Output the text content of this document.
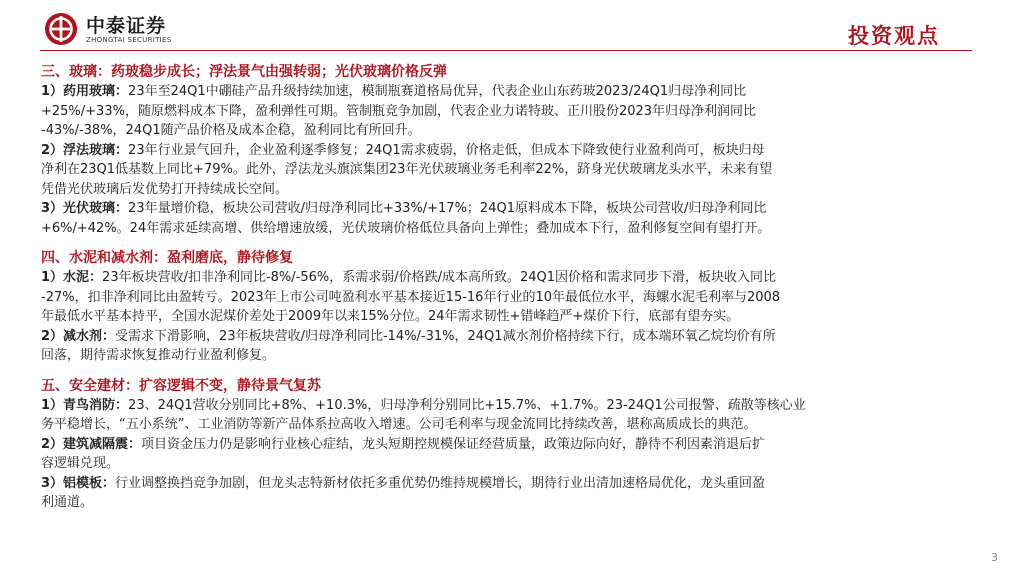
中泰证券
ZHONGTAI SECURITIES	投资观点
三、玻璃：药玻稳步成长；浮法景气由强转弱；光伏玻璃价格反弹

1）药用玻璃：23年至24Q1中硼硅产品升级持续加速，模制瓶赛道格局优异，代表企业山东药玻2023/24Q1归母净利同比
+25%/+33%，随原燃料成本下降，盈利弹性可期。管制瓶竞争加剧，代表企业力诺特玻、正川股份2023年归母净利润同比
-43%/-38%，24Q1随产品价格及成本企稳，盈利同比有所回升。

2）浮法玻璃：23年行业景气回升，企业盈利逐季修复；24Q1需求疲弱，价格走低，但成本下降致使行业盈利尚可，板块归母
净利在23Q1低基数上同比+79%。此外，浮法龙头旗滨集团23年光伏玻璃业务毛利率22%，跻身光伏玻璃龙头水平，未来有望
凭借光伏玻璃后发优势打开持续成长空间。

3）光伏玻璃：23年量增价稳，板块公司营收/归母净利同比+33%/+17%；24Q1原料成本下降，板块公司营收/归母净利同比
+6%/+42%。24年需求延续高增、供给增速放缓，光伏玻璃价格低位具备向上弹性；叠加成本下行，盈利修复空间有望打开。

四、水泥和减水剂：盈利磨底，静待修复

1）水泥：23年板块营收/扣非净利同比-8%/-56%，系需求弱/价格跌/成本高所致。24Q1因价格和需求同步下滑，板块收入同比
-27%，扣非净利同比由盈转亏。2023年上市公司吨盈利水平基本接近15-16年行业的10年最低位水平，海螺水泥毛利率与2008
年最低水平基本持平，全国水泥煤价差处于2009年以来15%分位。24年需求韧性+错峰趋严+煤价下行，底部有望夯实。

2）减水剂：受需求下滑影响，23年板块营收/归母净利同比-14%/-31%，24Q1减水剂价格持续下行，成本端环氧乙烷均价有所
回落，期待需求恢复推动行业盈利修复。

五、安全建材：扩容逻辑不变，静待景气复苏

1）青鸟消防：23、24Q1营收分别同比+8%、+10.3%，归母净利分别同比+15.7%、+1.7%。23-24Q1公司报警、疏散等核心业
务平稳增长，“五小系统”、工业消防等新产品体系拉高收入增速。公司毛利率与现金流同比持续改善，堪称高质成长的典范。

2）建筑减隔震：项目资金压力仍是影响行业核心症结，龙头短期控规模保证经营质量，政策边际向好，静待不利因素消退后扩
容逻辑兑现。

3）铝模板：行业调整换挡竞争加剧，但龙头志特新材依托多重优势仍维持规模增长，期待行业出清加速格局优化，龙头重回盈
利通道。

3
